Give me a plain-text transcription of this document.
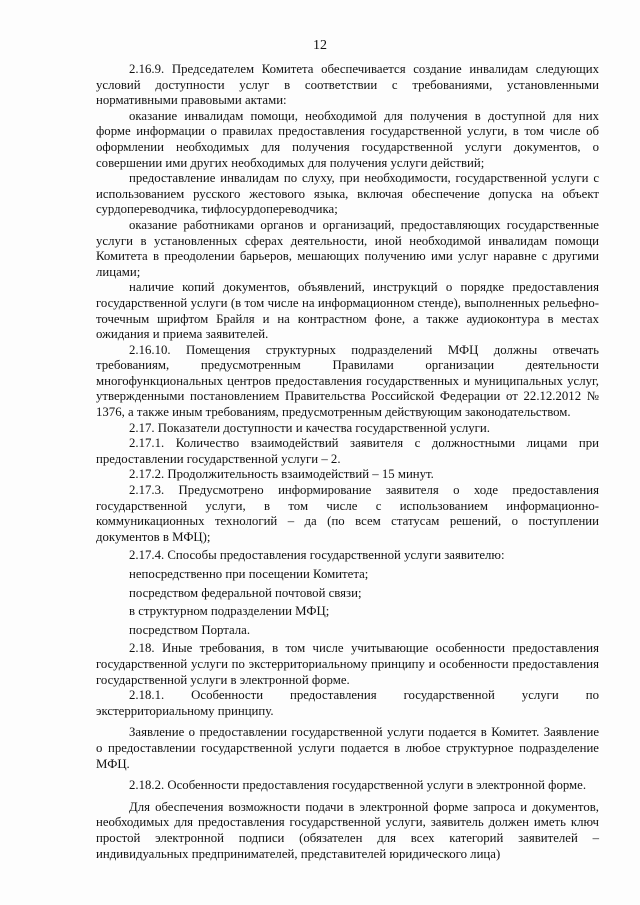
12

2.16.9. Председателем Комитета обеспечивается создание инвалидам следующих условий доступности услуг в соответствии с требованиями, установленными нормативными правовыми актами:

оказание инвалидам помощи, необходимой для получения в доступной для них форме информации о правилах предоставления государственной услуги, в том числе об оформлении необходимых для получения государственной услуги документов, о совершении ими других необходимых для получения услуги действий;

предоставление инвалидам по слуху, при необходимости, государственной услуги с использованием русского жестового языка, включая обеспечение допуска на объект сурдопереводчика, тифлосурдопереводчика;

оказание работниками органов и организаций, предоставляющих государственные услуги в установленных сферах деятельности, иной необходимой инвалидам помощи Комитета в преодолении барьеров, мешающих получению ими услуг наравне с другими лицами;

наличие копий документов, объявлений, инструкций о порядке предоставления государственной услуги (в том числе на информационном стенде), выполненных рельефно-точечным шрифтом Брайля и на контрастном фоне, а также аудиоконтура в местах ожидания и приема заявителей.

2.16.10. Помещения структурных подразделений МФЦ должны отвечать требованиям, предусмотренным Правилами организации деятельности многофункциональных центров предоставления государственных и муниципальных услуг, утвержденными постановлением Правительства Российской Федерации от 22.12.2012 № 1376, а также иным требованиям, предусмотренным действующим законодательством.

2.17. Показатели доступности и качества государственной услуги.

2.17.1. Количество взаимодействий заявителя с должностными лицами при предоставлении государственной услуги – 2.

2.17.2. Продолжительность взаимодействий – 15 минут.

2.17.3. Предусмотрено информирование заявителя о ходе предоставления государственной услуги, в том числе с использованием информационно-коммуникационных технологий – да (по всем статусам решений, о поступлении документов в МФЦ);

2.17.4. Способы предоставления государственной услуги заявителю:

непосредственно при посещении Комитета;

посредством федеральной почтовой связи;

в структурном подразделении МФЦ;

посредством Портала.

2.18. Иные требования, в том числе учитывающие особенности предоставления государственной услуги по экстерриториальному принципу и особенности предоставления государственной услуги в электронной форме.

2.18.1. Особенности предоставления государственной услуги по экстерриториальному принципу.

Заявление о предоставлении государственной услуги подается в Комитет. Заявление о предоставлении государственной услуги подается в любое структурное подразделение МФЦ.

2.18.2. Особенности предоставления государственной услуги в электронной форме.

Для обеспечения возможности подачи в электронной форме запроса и документов, необходимых для предоставления государственной услуги, заявитель должен иметь ключ простой электронной подписи (обязателен для всех категорий заявителей – индивидуальных предпринимателей, представителей юридического лица)
